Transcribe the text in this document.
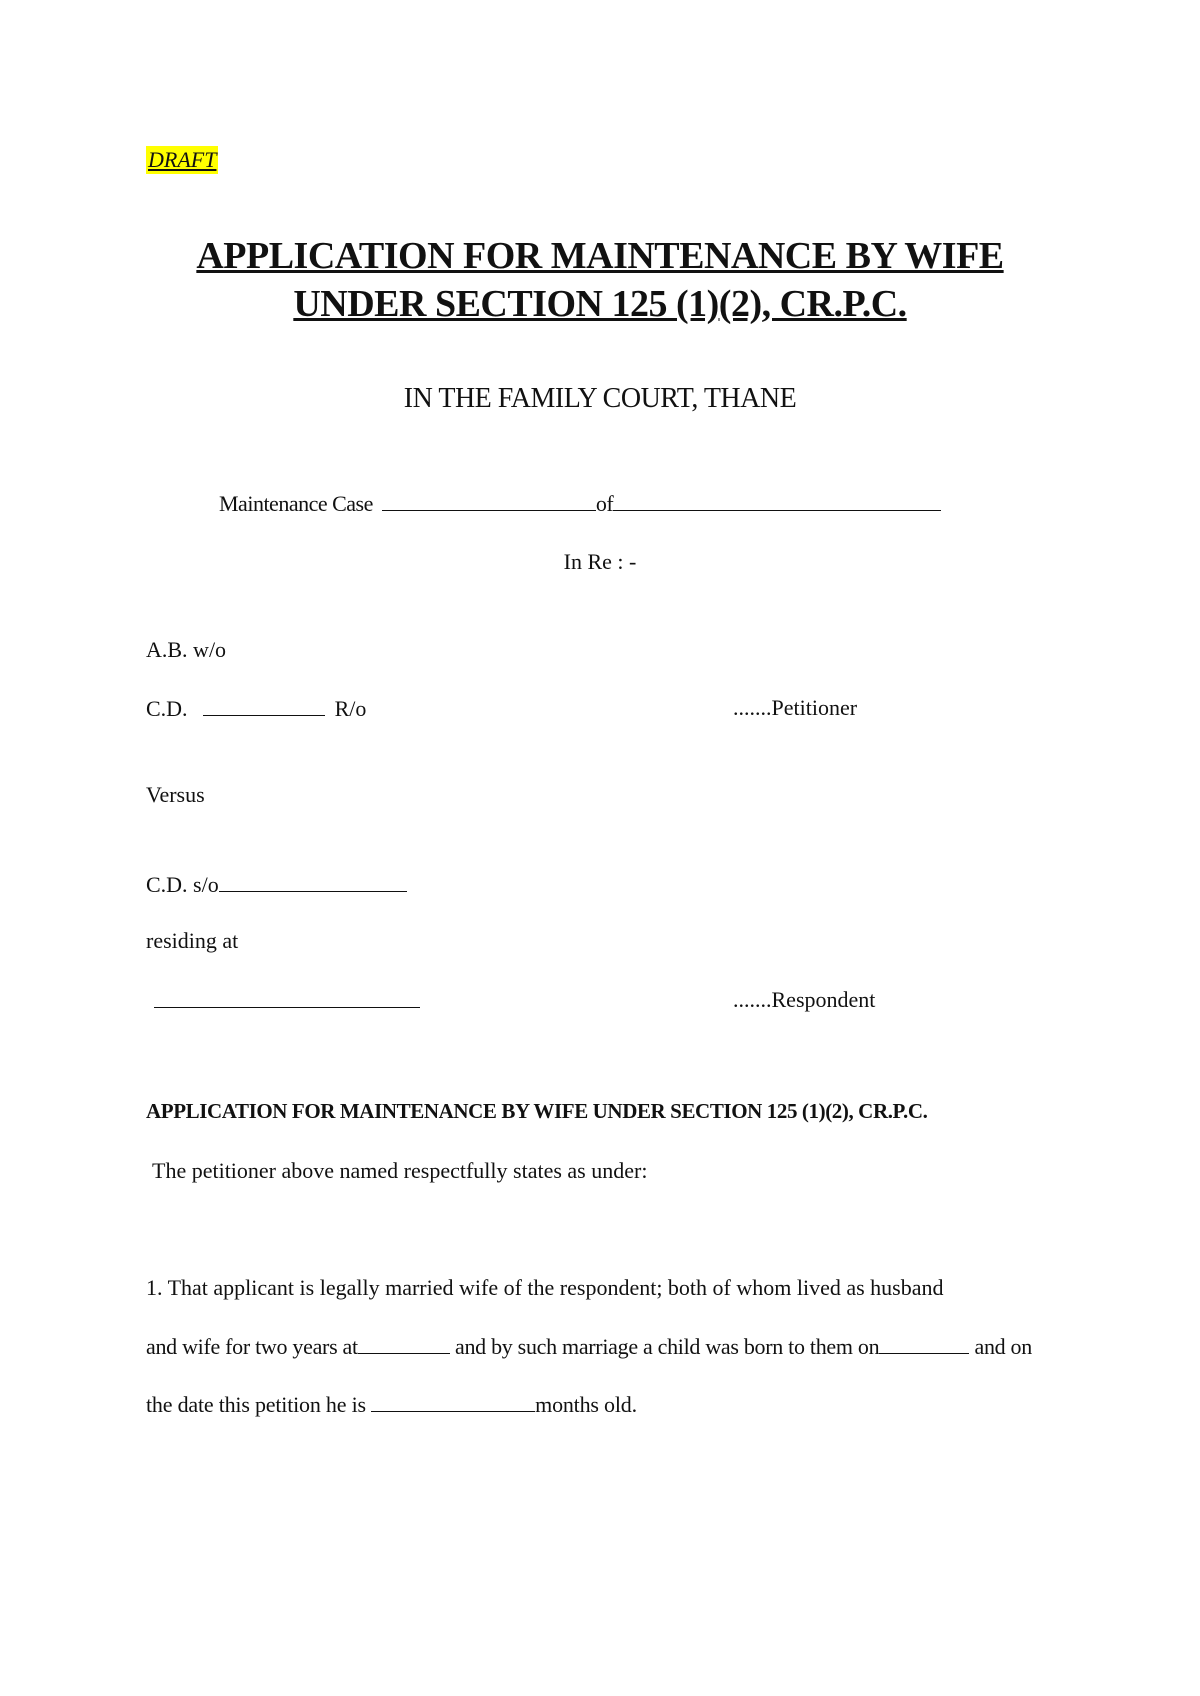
DRAFT
APPLICATION FOR MAINTENANCE BY WIFE
UNDER SECTION 125 (1)(2), CR.P.C.
IN THE FAMILY COURT, THANE
Maintenance Case	of
In Re : -
A.B. w/o
C.D.	R/o	.......Petitioner
Versus
C.D. s/o
residing at
.......Respondent
APPLICATION FOR MAINTENANCE BY WIFE UNDER SECTION 125 (1)(2), CR.P.C.
The petitioner above named respectfully states as under:
1. That applicant is legally married wife of the respondent; both of whom lived as husband
and wife for two years at	and by such marriage a child was born to them on	and on
the date this petition he is	months old.
